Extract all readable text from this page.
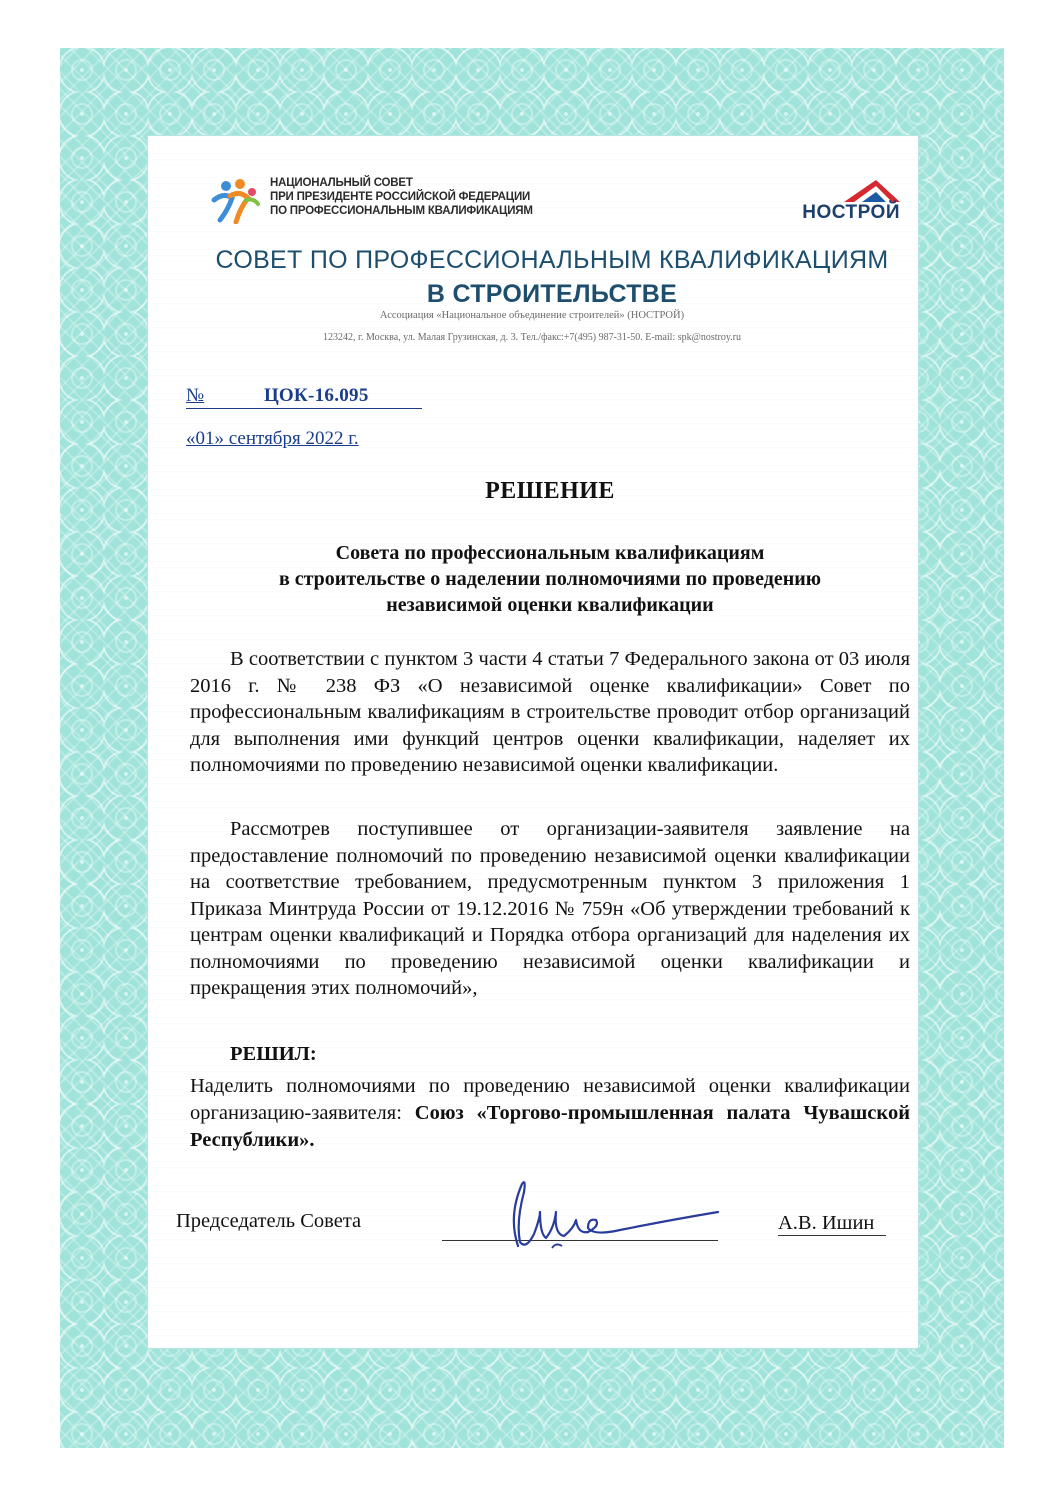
НАЦИОНАЛЬНЫЙ СОВЕТ
ПРИ ПРЕЗИДЕНТЕ РОССИЙСКОЙ ФЕДЕРАЦИИ
ПО ПРОФЕССИОНАЛЬНЫМ КВАЛИФИКАЦИЯМ	НОСТРОЙ
СОВЕТ ПО ПРОФЕССИОНАЛЬНЫМ КВАЛИФИКАЦИЯМ
В СТРОИТЕЛЬСТВЕ
Ассоциация «Национальное объединение строителей» (НОСТРОЙ)
123242, г. Москва, ул. Малая Грузинская, д. 3. Тел./факс:+7(495) 987-31-50. E-mail: spk@nostroy.ru
№	ЦОК-16.095
«01» сентября 2022 г.
РЕШЕНИЕ
Совета по профессиональным квалификациям
в строительстве о наделении полномочиями по проведению
независимой оценки квалификации
В соответствии с пунктом 3 части 4 статьи 7 Федерального закона от 03 июля 2016 г. № 238 ФЗ «О независимой оценке квалификации» Совет по профессиональным квалификациям в строительстве проводит отбор организаций для выполнения ими функций центров оценки квалификации, наделяет их полномочиями по проведению независимой оценки квалификации.
Рассмотрев поступившее от организации-заявителя заявление на предоставление полномочий по проведению независимой оценки квалификации на соответствие требованием, предусмотренным пунктом 3 приложения 1 Приказа Минтруда России от 19.12.2016 № 759н «Об утверждении требований к центрам оценки квалификаций и Порядка отбора организаций для наделения их полномочиями по проведению независимой оценки квалификации и прекращения этих полномочий»,
РЕШИЛ:
Наделить полномочиями по проведению независимой оценки квалификации организацию-заявителя: Союз «Торгово-промышленная палата Чувашской Республики».
Председатель Совета	А.В. Ишин
